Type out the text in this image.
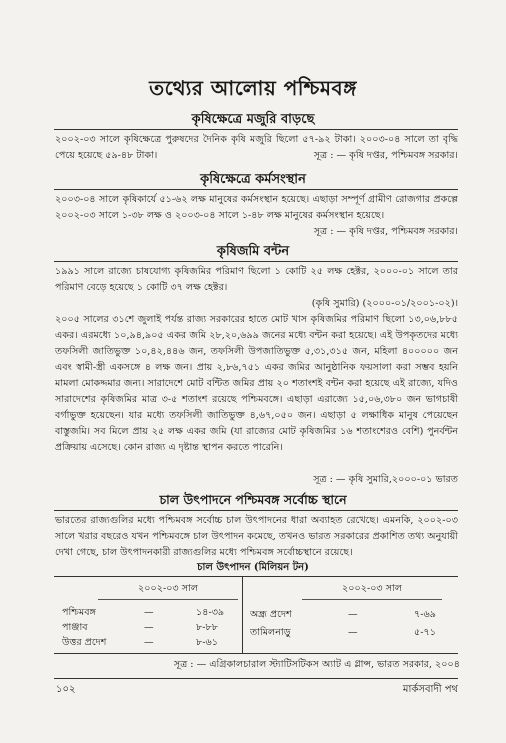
তথ্যের আলোয় পশ্চিমবঙ্গ
কৃষিক্ষেত্রে মজুরি বাড়ছে
২০০২-০৩ সালে কৃষিক্ষেত্রে পুরুষদের দৈনিক কৃষি মজুরি ছিলো ৫৭-৯২ টাকা। ২০০৩-০৪ সালে তা বৃদ্ধি পেয়ে হয়েছে ৫৯-৪৮ টাকা।	সূত্র : — কৃষি দপ্তর, পশ্চিমবঙ্গ সরকার।
কৃষিক্ষেত্রে কর্মসংস্থান
২০০৩-০৪ সালে কৃষিকার্যে ৫১-৬২ লক্ষ মানুষের কর্মসংস্থান হয়েছে। এছাড়া সম্পূর্ণ গ্রামীণ রোজগার প্রকল্পে ২০০২-০৩ সালে ১-৩৮ লক্ষ ও ২০০৩-০৪ সালে ১-৪৮ লক্ষ মানুষের কর্মসংস্থান হয়েছে।
সূত্র : — কৃষি দপ্তর, পশ্চিমবঙ্গ সরকার।
কৃষিজমি বন্টন
১৯৯১ সালে রাজ্যে চাষযোগ্য কৃষিজমির পরিমাণ ছিলো ১ কোটি ২৫ লক্ষ হেক্টর, ২০০০-০১ সালে তার পরিমাণ বেড়ে হয়েছে ১ কোটি ৩৭ লক্ষ হেক্টর।
(কৃষি সুমারি) (২০০০-০১/২০০১-০২)।
২০০৫ সালের ৩১শে জুলাই পর্যন্ত রাজ্য সরকারের হাতে মোট খাস কৃষিজমির পরিমাণ ছিলো ১৩,০৬,৮৮৫ একর। এরমধ্যে ১০,৯৪,৯০৫ একর জমি ২৮,২০,৬৯৯ জনের মধ্যে বন্টন করা হয়েছে। এই উপকৃতদের মধ্যে তফসিলী জাতিভুক্ত ১০,৪২,৪৪৬ জন, তফসিলী উপজাতিভুক্ত ৫,৩১,৩১৫ জন, মহিলা ৪০০০০০ জন এবং স্বামী-স্ত্রী একসঙ্গে ৪ লক্ষ জন। প্রায় ২,৮৬,৭৫১ একর জমির আনুষ্ঠানিক ফয়সালা করা সম্ভব হয়নি মামলা মোকদ্দমার জন্য। সারাদেশে মোট বন্টিত জমির প্রায় ২০ শতাংশই বন্টন করা হয়েছে এই রাজ্যে, যদিও সারাদেশের কৃষিজমির মাত্র ৩-৫ শতাংশ রয়েছে পশ্চিমবঙ্গে। এছাড়া এরাজ্যে ১৫,০৬,৩৮০ জন ভাগচাষী বর্গাভুক্ত হয়েছেন। যার মধ্যে তফসিলী জাতিভুক্ত ৪,৬৭,০৫০ জন। এছাড়া ৫ লক্ষাধিক মানুষ পেয়েছেন বাস্তুজমি। সব মিলে প্রায় ২৫ লক্ষ একর জমি (যা রাজ্যের মোট কৃষিজমির ১৬ শতাংশেরও বেশি) পুনর্বন্টন প্রক্রিয়ায় এসেছে। কোন রাজ্য এ দৃষ্টান্ত স্থাপন করতে পারেনি।
সূত্র : — কৃষি সুমারি,২০০০-০১ ভারত
চাল উৎপাদনে পশ্চিমবঙ্গ সর্বোচ্চ স্থানে
ভারতের রাজ্যগুলির মধ্যে পশ্চিমবঙ্গ সর্বোচ্চ চাল উৎপাদনের ধারা অব্যাহত রেখেছে। এমনকি, ২০০২-০৩ সালে খরার বছরেও যখন পশ্চিমবঙ্গে চাল উৎপাদন কমেছে, তখনও ভারত সরকারের প্রকাশিত তথ্য অনুযায়ী দেখা গেছে, চাল উৎপাদনকারী রাজ্যগুলির মধ্যে পশ্চিমবঙ্গ সর্বোচ্চস্থানে রয়েছে।
চাল উৎপাদন (মিলিয়ন টন)
২০০২-০৩ সাল	২০০২-০৩ সাল
পশ্চিমবঙ্গ	—	১৪-৩৯
পাঞ্জাব	—	৮-৮৮
উত্তর প্রদেশ	—	৮-৬১
অন্ধ্র প্রদেশ	—	৭-৬৯
তামিলনাড়ু	—	৫-৭১
সূত্র : — এগ্রিকালচারাল স্ট্যাটিসটিকস অ্যাট এ গ্লান্স, ভারত সরকার, ২০০৪
১০২	মার্কসবাদী পথ
